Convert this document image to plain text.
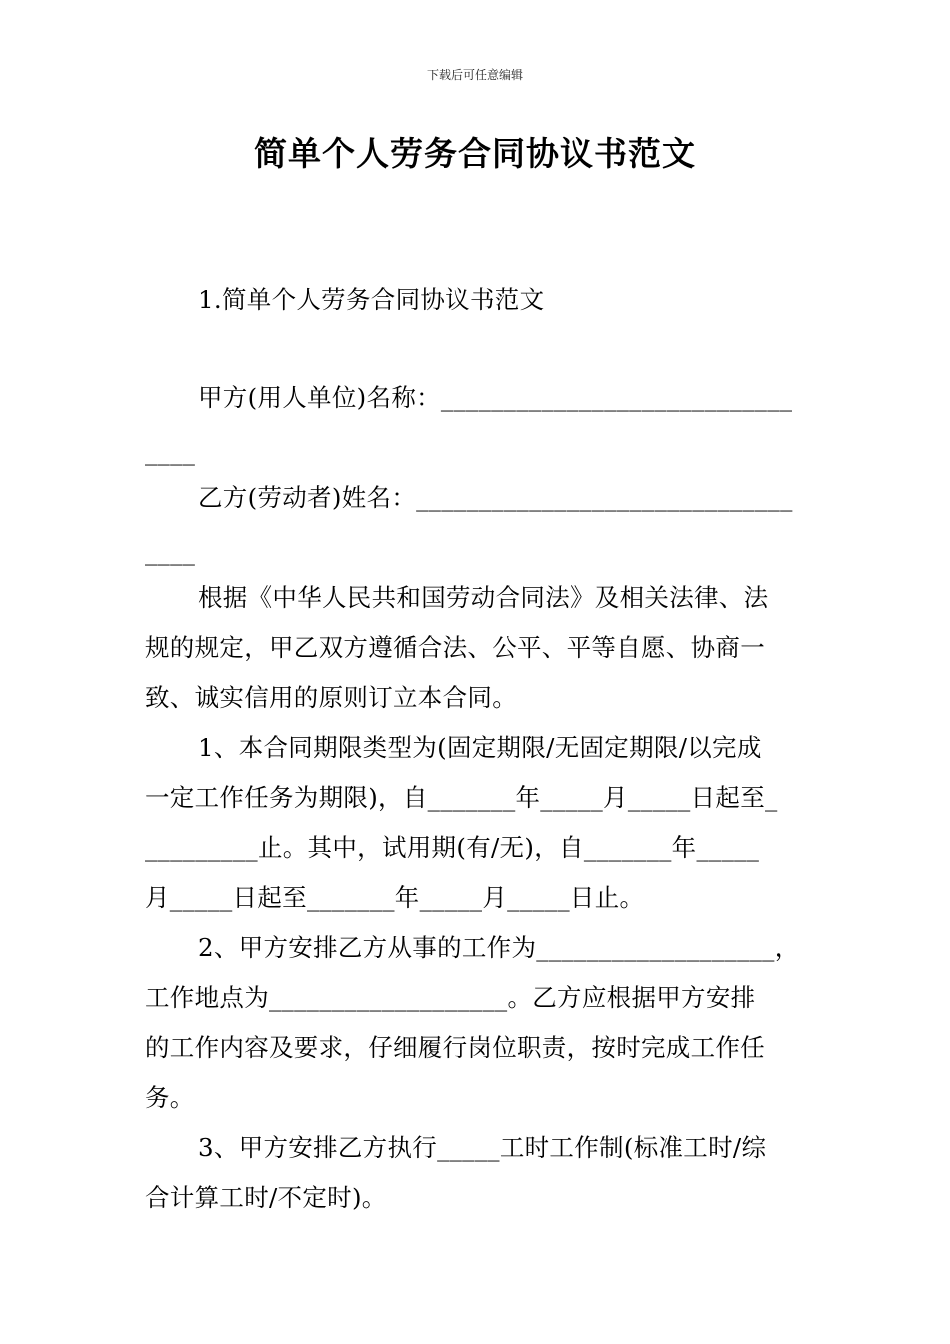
下载后可任意编辑
简单个人劳务合同协议书范文
1.简单个人劳务合同协议书范文
甲方(用人单位)名称：____________________________
____
乙方(劳动者)姓名：______________________________
____
根据《中华人民共和国劳动合同法》及相关法律、法
规的规定，甲乙双方遵循合法、公平、平等自愿、协商一
致、诚实信用的原则订立本合同。
1、本合同期限类型为(固定期限/无固定期限/以完成
一定工作任务为期限)，自_______年_____月_____日起至_
_________止。其中，试用期(有/无)，自_______年_____
月_____日起至_______年_____月_____日止。
2、甲方安排乙方从事的工作为___________________，
工作地点为___________________。乙方应根据甲方安排
的工作内容及要求，仔细履行岗位职责，按时完成工作任
务。
3、甲方安排乙方执行_____工时工作制(标准工时/综
合计算工时/不定时)。
